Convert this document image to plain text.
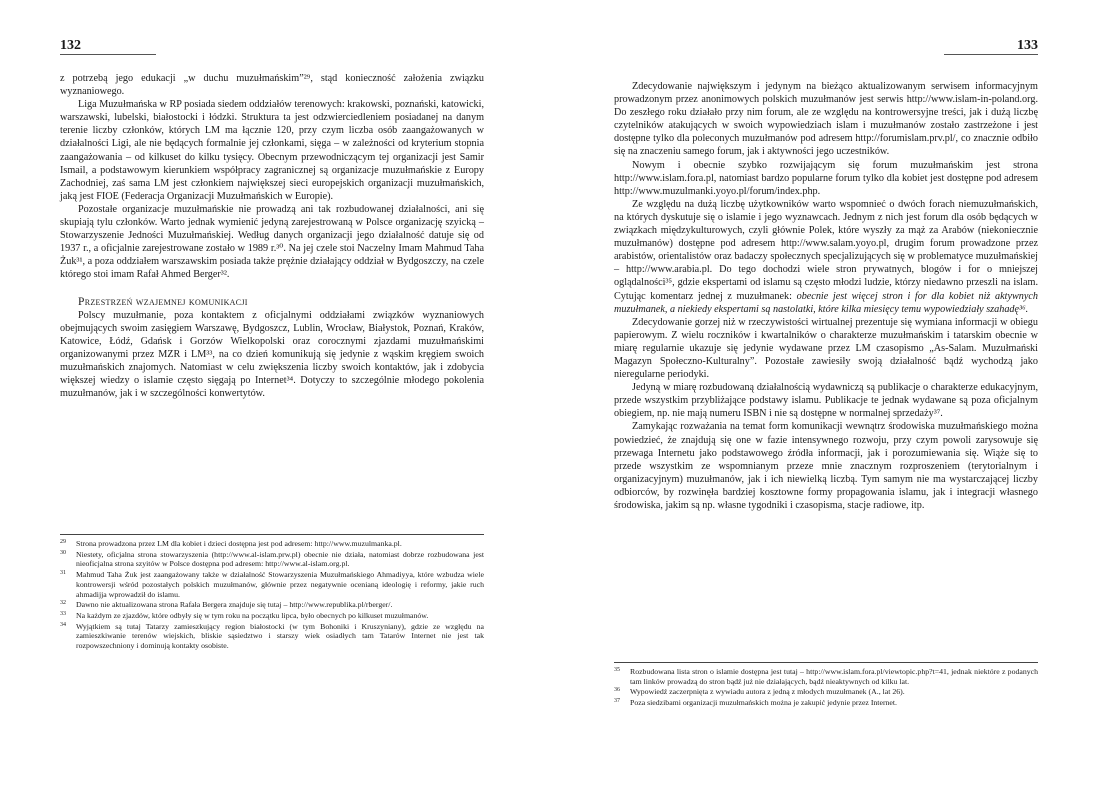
132

z potrzebą jego edukacji „w duchu muzułmańskim”²⁹, stąd konieczność założenia związku wyznaniowego.

Liga Muzułmańska w RP posiada siedem oddziałów terenowych: krakowski, poznański, katowicki, warszawski, lubelski, białostocki i łódzki. Struktura ta jest odzwierciedleniem posiadanej na danym terenie liczby członków, których LM ma łącznie 120, przy czym liczba osób zaangażowanych w działalności Ligi, ale nie będących formalnie jej członkami, sięga – w zależności od kryterium stopnia zaangażowania – od kilkuset do kilku tysięcy. Obecnym przewodniczącym tej organizacji jest Samir Ismail, a podstawowym kierunkiem współpracy zagranicznej są organizacje muzułmańskie z Europy Zachodniej, zaś sama LM jest członkiem największej sieci europejskich organizacji muzułmańskich, jaką jest FIOE (Federacja Organizacji Muzułmańskich w Europie).

Pozostałe organizacje muzułmańskie nie prowadzą ani tak rozbudowanej działalności, ani się skupiają tylu członków. Warto jednak wymienić jedyną zarejestrowaną w Polsce organizację szyicką – Stowarzyszenie Jedności Muzułmańskiej. Według danych organizacji jego działalność datuje się od 1937 r., a oficjalnie zarejestrowane zostało w 1989 r.³⁰. Na jej czele stoi Naczelny Imam Mahmud Taha Żuk³¹, a poza oddziałem warszawskim posiada także prężnie działający oddział w Bydgoszczy, na czele którego stoi imam Rafał Ahmed Berger³².

Przestrzeń wzajemnej komunikacji

Polscy muzułmanie, poza kontaktem z oficjalnymi oddziałami związków wyznaniowych obejmujących swoim zasięgiem Warszawę, Bydgoszcz, Lublin, Wrocław, Białystok, Poznań, Kraków, Katowice, Łódź, Gdańsk i Gorzów Wielkopolski oraz corocznymi zjazdami muzułmańskimi organizowanymi przez MZR i LM³³, na co dzień komunikują się jedynie z wąskim kręgiem swoich muzułmańskich znajomych. Natomiast w celu zwiększenia liczby swoich kontaktów, jak i zdobycia większej wiedzy o islamie często sięgają po Internet³⁴. Dotyczy to szczególnie młodego pokolenia muzułmanów, jak i w szczególności konwertytów.

29 Strona prowadzona przez LM dla kobiet i dzieci dostępna jest pod adresem: http://www.muzulmanka.pl.
30 Niestety, oficjalna strona stowarzyszenia (http://www.al-islam.prw.pl) obecnie nie działa, natomiast dobrze rozbudowana jest nieoficjalna strona szyitów w Polsce dostępna pod adresem: http://www.al-islam.org.pl.
31 Mahmud Taha Żuk jest zaangażowany także w działalność Stowarzyszenia Muzułmańskiego Ahmadiyya, które wzbudza wiele kontrowersji wśród pozostałych polskich muzułmanów, głównie przez negatywnie ocenianą ideologię i reformy, jakie ruch ahmadijja wprowadził do islamu.
32 Dawno nie aktualizowana strona Rafała Bergera znajduje się tutaj – http://www.republika.pl/rberger/.
33 Na każdym ze zjazdów, które odbyły się w tym roku na początku lipca, było obecnych po kilkuset muzułmanów.
34 Wyjątkiem są tutaj Tatarzy zamieszkujący region białostocki (w tym Bohoniki i Kruszyniany), gdzie ze względu na zamieszkiwanie terenów wiejskich, bliskie sąsiedztwo i starszy wiek osiadłych tam Tatarów Internet nie jest tak rozpowszechniony i dominują kontakty osobiste.
133

Zdecydowanie największym i jedynym na bieżąco aktualizowanym serwisem informacyjnym prowadzonym przez anonimowych polskich muzułmanów jest serwis http://www.islam-in-poland.org. Do zeszłego roku działało przy nim forum, ale ze względu na kontrowersyjne treści, jak i dużą liczbę czytelników atakujących w swoich wypowiedziach islam i muzułmanów zostało zastrzeżone i jest dostępne tylko dla poleconych muzułmanów pod adresem http://forumislam.prv.pl/, co znacznie odbiło się na znaczeniu samego forum, jak i aktywności jego uczestników.

Nowym i obecnie szybko rozwijającym się forum muzułmańskim jest strona http://www.islam.fora.pl, natomiast bardzo popularne forum tylko dla kobiet jest dostępne pod adresem http://www.muzulmanki.yoyo.pl/forum/index.php.

Ze względu na dużą liczbę użytkowników warto wspomnieć o dwóch forach niemuzułmańskich, na których dyskutuje się o islamie i jego wyznawcach. Jednym z nich jest forum dla osób będących w związkach międzykulturowych, czyli głównie Polek, które wyszły za mąż za Arabów (niekoniecznie muzułmanów) dostępne pod adresem http://www.salam.yoyo.pl, drugim forum prowadzone przez arabistów, orientalistów oraz badaczy społecznych specjalizujących się w problematyce muzułmańskiej – http://www.arabia.pl. Do tego dochodzi wiele stron prywatnych, blogów i for o mniejszej oglądalności³⁵, gdzie ekspertami od islamu są często młodzi ludzie, którzy niedawno przeszli na islam. Cytując komentarz jednej z muzułmanek: obecnie jest więcej stron i for dla kobiet niż aktywnych muzułmanek, a niekiedy ekspertami są nastolatki, które kilka miesięcy temu wypowiedziały szahadę³⁶.

Zdecydowanie gorzej niż w rzeczywistości wirtualnej prezentuje się wymiana informacji w obiegu papierowym. Z wielu roczników i kwartalników o charakterze muzułmańskim i tatarskim obecnie w miarę regularnie ukazuje się jedynie wydawane przez LM czasopismo „As-Salam. Muzułmański Magazyn Społeczno-Kulturalny”. Pozostałe zawiesiły swoją działalność bądź wychodzą jako nieregularne periodyki.

Jedyną w miarę rozbudowaną działalnością wydawniczą są publikacje o charakterze edukacyjnym, przede wszystkim przybliżające podstawy islamu. Publikacje te jednak wydawane są poza oficjalnym obiegiem, np. nie mają numeru ISBN i nie są dostępne w normalnej sprzedaży³⁷.

Zamykając rozważania na temat form komunikacji wewnątrz środowiska muzułmańskiego można powiedzieć, że znajdują się one w fazie intensywnego rozwoju, przy czym powoli zarysowuje się przewaga Internetu jako podstawowego źródła informacji, jak i porozumiewania się. Wiąże się to przede wszystkim ze wspomnianym przeze mnie znacznym rozproszeniem (terytorialnym i organizacyjnym) muzułmanów, jak i ich niewielką liczbą. Tym samym nie ma wystarczającej liczby odbiorców, by rozwinęła bardziej kosztowne formy propagowania islamu, jak i integracji własnego środowiska, jakim są np. własne tygodniki i czasopisma, stacje radiowe, itp.

35 Rozbudowana lista stron o islamie dostępna jest tutaj – http://www.islam.fora.pl/viewtopic.php?t=41, jednak niektóre z podanych tam linków prowadzą do stron bądź już nie działających, bądź nieaktywnych od kilku lat.
36 Wypowiedź zaczerpnięta z wywiadu autora z jedną z młodych muzułmanek (A., lat 26).
37 Poza siedzibami organizacji muzułmańskich można je zakupić jedynie przez Internet.
